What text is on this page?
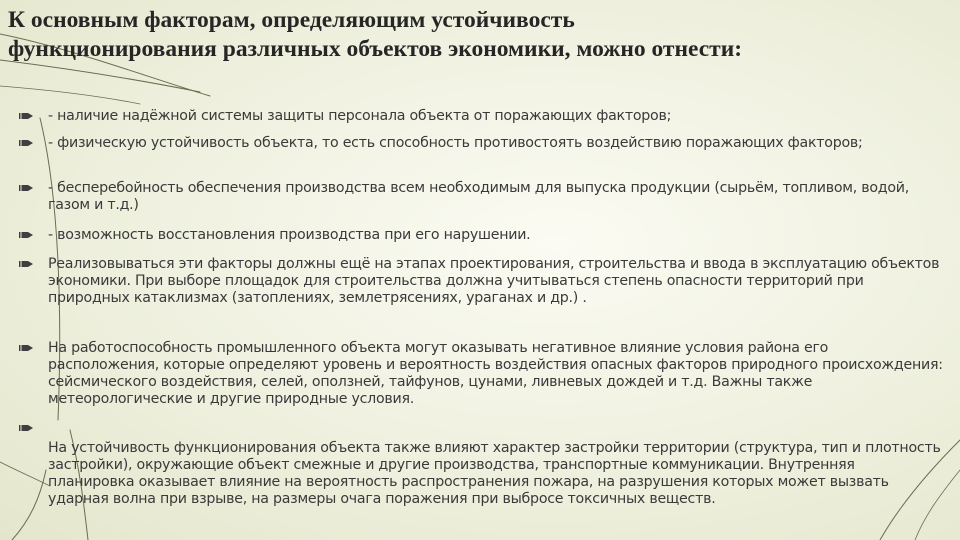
К основным факторам, определяющим устойчивость функционирования различных объектов экономики, можно отнести:
- наличие надёжной системы защиты персонала объекта от поражающих факторов;
- физическую устойчивость объекта, то есть способность противостоять воздействию поражающих факторов;
- бесперебойность обеспечения производства всем необходимым для выпуска продукции (сырьём, топливом, водой, газом и т.д.)
- возможность восстановления производства при его нарушении.
Реализовываться эти факторы должны ещё на этапах проектирования, строительства и ввода в эксплуатацию объектов экономики. При выборе площадок для строительства должна учитываться степень опасности территорий при природных катаклизмах (затоплениях, землетрясениях, ураганах и др.) .
На работоспособность промышленного объекта могут оказывать негативное влияние условия района его расположения, которые определяют уровень и вероятность воздействия опасных факторов природного происхождения: сейсмического воздействия, селей, оползней, тайфунов, цунами, ливневых дождей и т.д. Важны также метеорологические и другие природные условия.
На устойчивость функционирования объекта также влияют характер застройки территории (структура, тип и плотность застройки), окружающие объект смежные и другие производства, транспортные коммуникации. Внутренняя планировка оказывает влияние на вероятность распространения пожара, на разрушения которых может вызвать ударная волна при взрыве, на размеры очага поражения при выбросе токсичных веществ.
